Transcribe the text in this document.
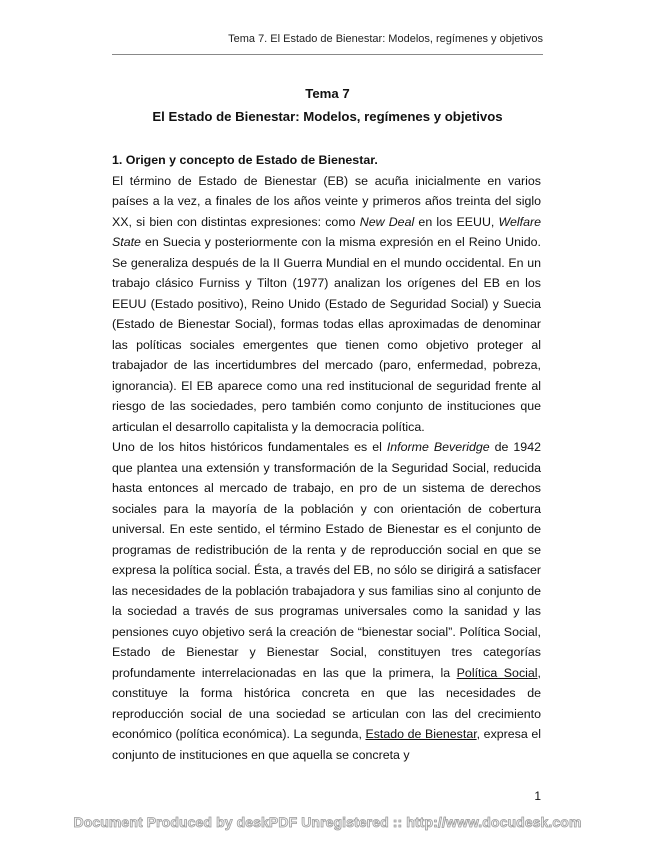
Tema 7. El Estado de Bienestar: Modelos, regímenes y objetivos
Tema 7
El Estado de Bienestar: Modelos, regímenes y objetivos
1. Origen y concepto de Estado de Bienestar.

El término de Estado de Bienestar (EB) se acuña inicialmente en varios países a la vez, a finales de los años veinte y primeros años treinta del siglo XX, si bien con distintas expresiones: como New Deal en los EEUU, Welfare State en Suecia y posteriormente con la misma expresión en el Reino Unido. Se generaliza después de la II Guerra Mundial en el mundo occidental. En un trabajo clásico Furniss y Tilton (1977) analizan los orígenes del EB en los EEUU (Estado positivo), Reino Unido (Estado de Seguridad Social) y Suecia (Estado de Bienestar Social), formas todas ellas aproximadas de denominar las políticas sociales emergentes que tienen como objetivo proteger al trabajador de las incertidumbres del mercado (paro, enfermedad, pobreza, ignorancia). El EB aparece como una red institucional de seguridad frente al riesgo de las sociedades, pero también como conjunto de instituciones que articulan el desarrollo capitalista y la democracia política.

Uno de los hitos históricos fundamentales es el Informe Beveridge de 1942 que plantea una extensión y transformación de la Seguridad Social, reducida hasta entonces al mercado de trabajo, en pro de un sistema de derechos sociales para la mayoría de la población y con orientación de cobertura universal. En este sentido, el término Estado de Bienestar es el conjunto de programas de redistribución de la renta y de reproducción social en que se expresa la política social. Ésta, a través del EB, no sólo se dirigirá a satisfacer las necesidades de la población trabajadora y sus familias sino al conjunto de la sociedad a través de sus programas universales como la sanidad y las pensiones cuyo objetivo será la creación de “bienestar social”. Política Social, Estado de Bienestar y Bienestar Social, constituyen tres categorías profundamente interrelacionadas en las que la primera, la Política Social, constituye la forma histórica concreta en que las necesidades de reproducción social de una sociedad se articulan con las del crecimiento económico (política económica). La segunda, Estado de Bienestar, expresa el conjunto de instituciones en que aquella se concreta y

1
Document Produced by deskPDF Unregistered :: http://www.docudesk.com
